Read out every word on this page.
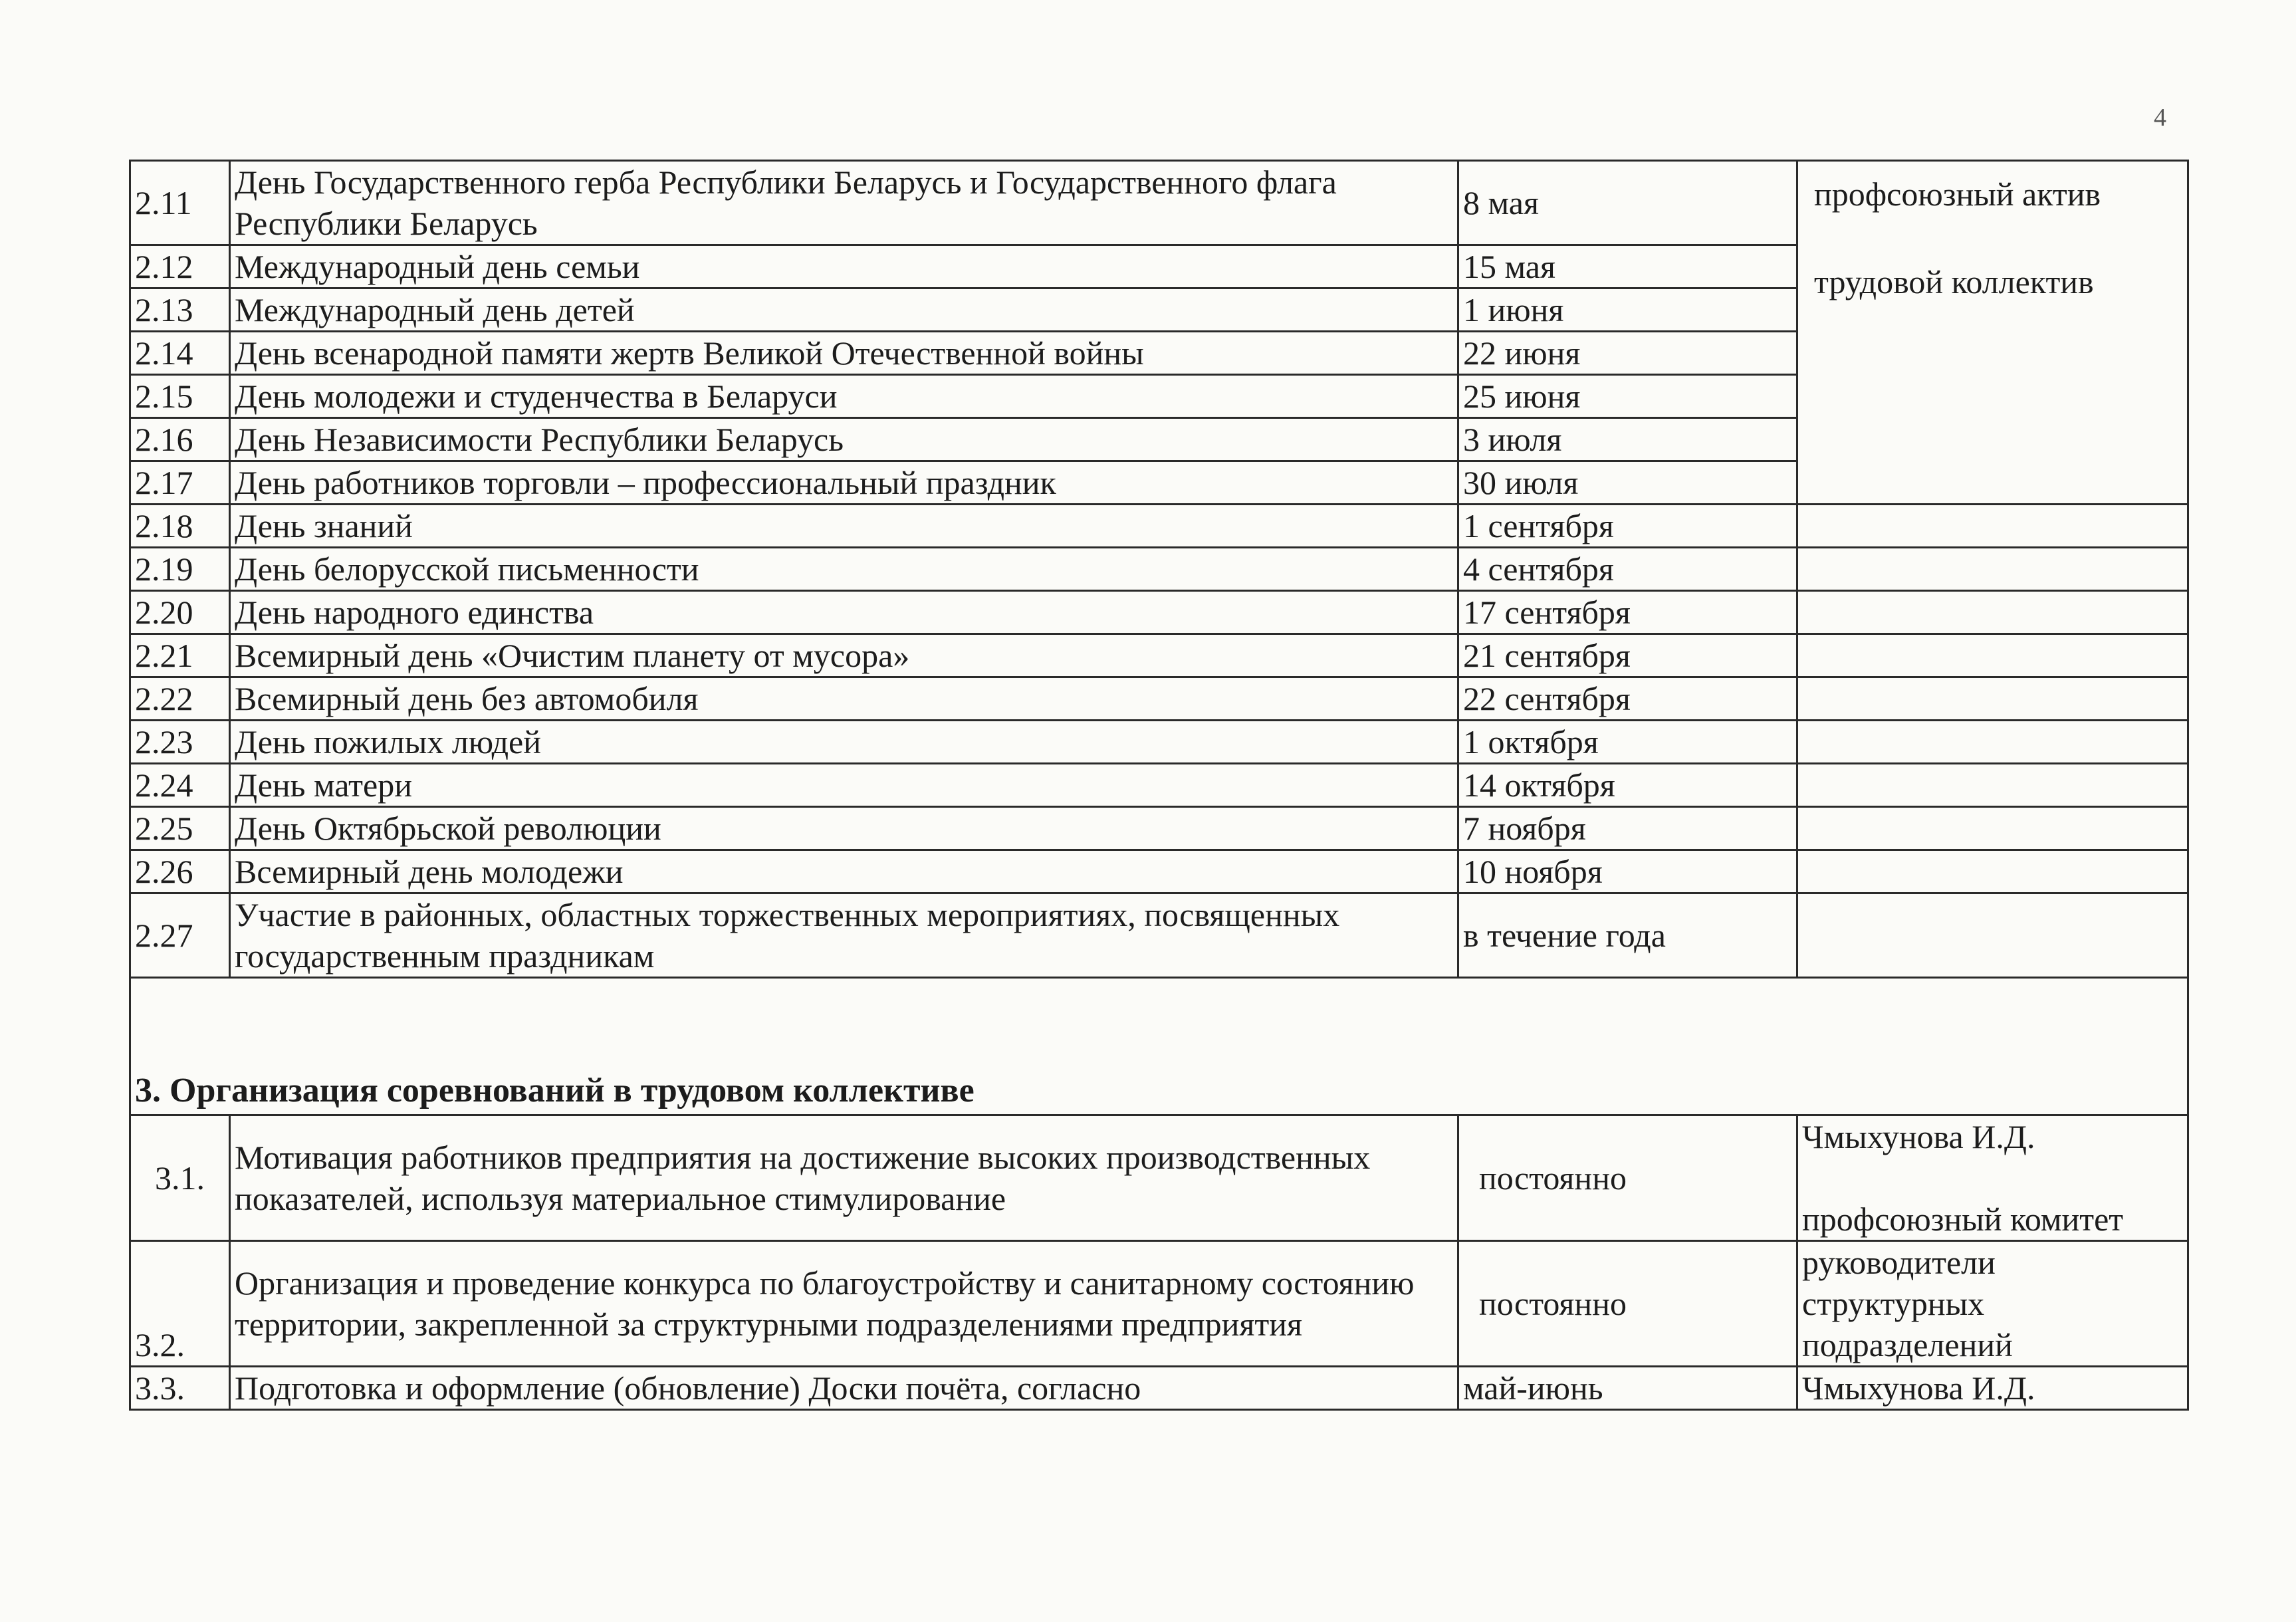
4
2.11	День Государственного герба Республики Беларусь и Государственного флага Республики Беларусь	8 мая	профсоюзный актив
трудовой коллектив

2.12	Международный день семьи	15 мая	
2.13	Международный день детей	1 июня	
2.14	День всенародной памяти жертв Великой Отечественной войны	22 июня	
2.15	День молодежи и студенчества в Беларуси	25 июня	
2.16	День Независимости Республики Беларусь	3 июля	
2.17	День работников торговли – профессиональный праздник	30 июля	
2.18	День знаний	1 сентября	
2.19	День белорусской письменности	4 сентября	
2.20	День народного единства	17 сентября	
2.21	Всемирный день «Очистим планету от мусора»	21 сентября	
2.22	Всемирный день без автомобиля	22 сентября	
2.23	День пожилых людей	1 октября	
2.24	День матери	14 октября	
2.25	День Октябрьской революции	7 ноября	
2.26	Всемирный день молодежи	10 ноября	
2.27	Участие в районных, областных торжественных мероприятиях, посвященных государственным праздникам	в течение года	
3. Организация соревнований в трудовом коллективе			
3.1.	Мотивация работников предприятия на достижение высоких производственных показателей, используя материальное стимулирование	постоянно	Чмыхунова И.Д.
профсоюзный комитет

3.2.	Организация и проведение конкурса по благоустройству и санитарному состоянию территории, закрепленной за структурными подразделениями предприятия	постоянно	руководители
структурных
подразделений

3.3.	Подготовка и оформление (обновление) Доски почёта, согласно	май-июнь	Чмыхунова И.Д.
